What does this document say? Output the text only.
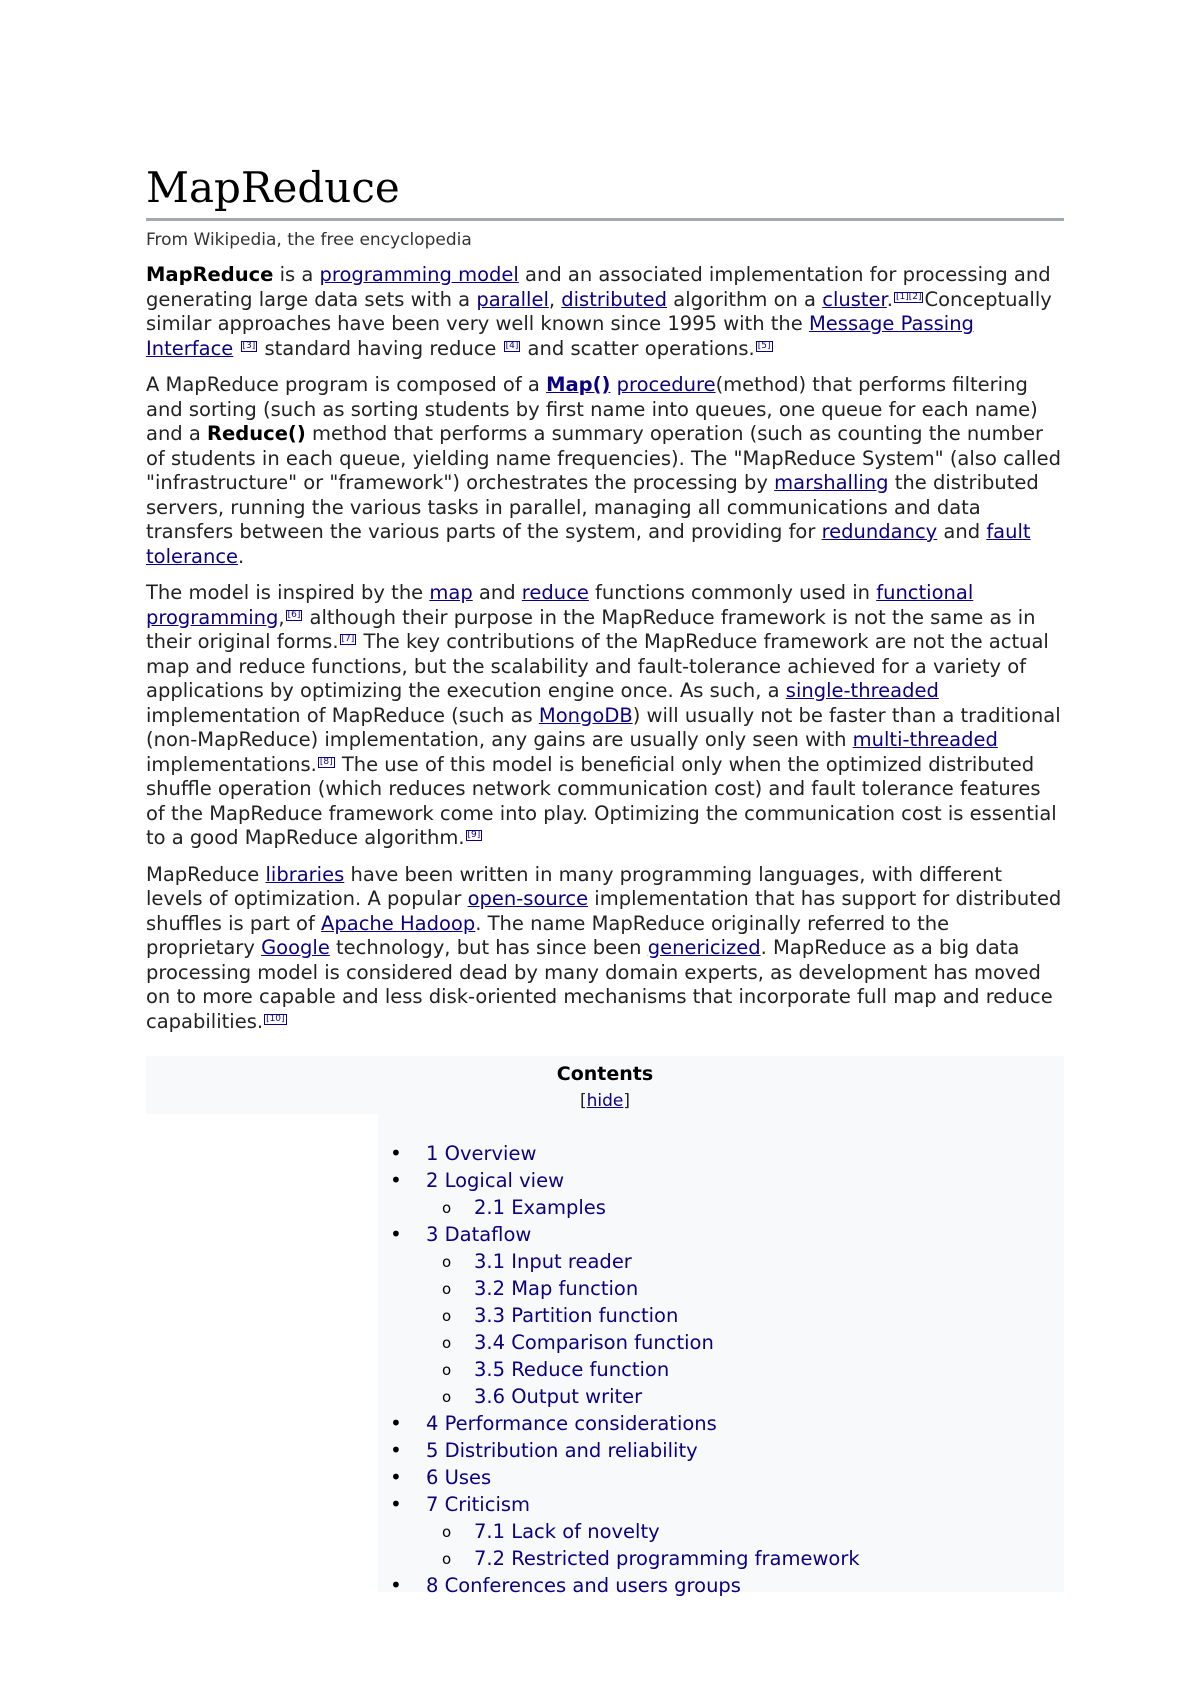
MapReduce
From Wikipedia, the free encyclopedia

MapReduce is a programming model and an associated implementation for processing and generating large data sets with a parallel, distributed algorithm on a cluster. [1][2] Conceptually similar approaches have been very well known since 1995 with the Message Passing Interface [3] standard having reduce [4] and scatter operations. [5]

A MapReduce program is composed of a Map() procedure(method) that performs filtering and sorting (such as sorting students by first name into queues, one queue for each name) and a Reduce() method that performs a summary operation (such as counting the number of students in each queue, yielding name frequencies). The "MapReduce System" (also called "infrastructure" or "framework") orchestrates the processing by marshalling the distributed servers, running the various tasks in parallel, managing all communications and data transfers between the various parts of the system, and providing for redundancy and fault tolerance.

The model is inspired by the map and reduce functions commonly used in functional programming, [6] although their purpose in the MapReduce framework is not the same as in their original forms. [7] The key contributions of the MapReduce framework are not the actual map and reduce functions, but the scalability and fault-tolerance achieved for a variety of applications by optimizing the execution engine once. As such, a single-threaded implementation of MapReduce (such as MongoDB) will usually not be faster than a traditional (non-MapReduce) implementation, any gains are usually only seen with multi-threaded implementations. [8] The use of this model is beneficial only when the optimized distributed shuffle operation (which reduces network communication cost) and fault tolerance features of the MapReduce framework come into play. Optimizing the communication cost is essential to a good MapReduce algorithm. [9]

MapReduce libraries have been written in many programming languages, with different levels of optimization. A popular open-source implementation that has support for distributed shuffles is part of Apache Hadoop. The name MapReduce originally referred to the proprietary Google technology, but has since been genericized. MapReduce as a big data processing model is considered dead by many domain experts, as development has moved on to more capable and less disk-oriented mechanisms that incorporate full map and reduce capabilities. [10]

Contents
[hide]
• 1 Overview
• 2 Logical view
o 2.1 Examples
• 3 Dataflow
o 3.1 Input reader
o 3.2 Map function
o 3.3 Partition function
o 3.4 Comparison function
o 3.5 Reduce function
o 3.6 Output writer
• 4 Performance considerations
• 5 Distribution and reliability
• 6 Uses
• 7 Criticism
o 7.1 Lack of novelty
o 7.2 Restricted programming framework
• 8 Conferences and users groups
